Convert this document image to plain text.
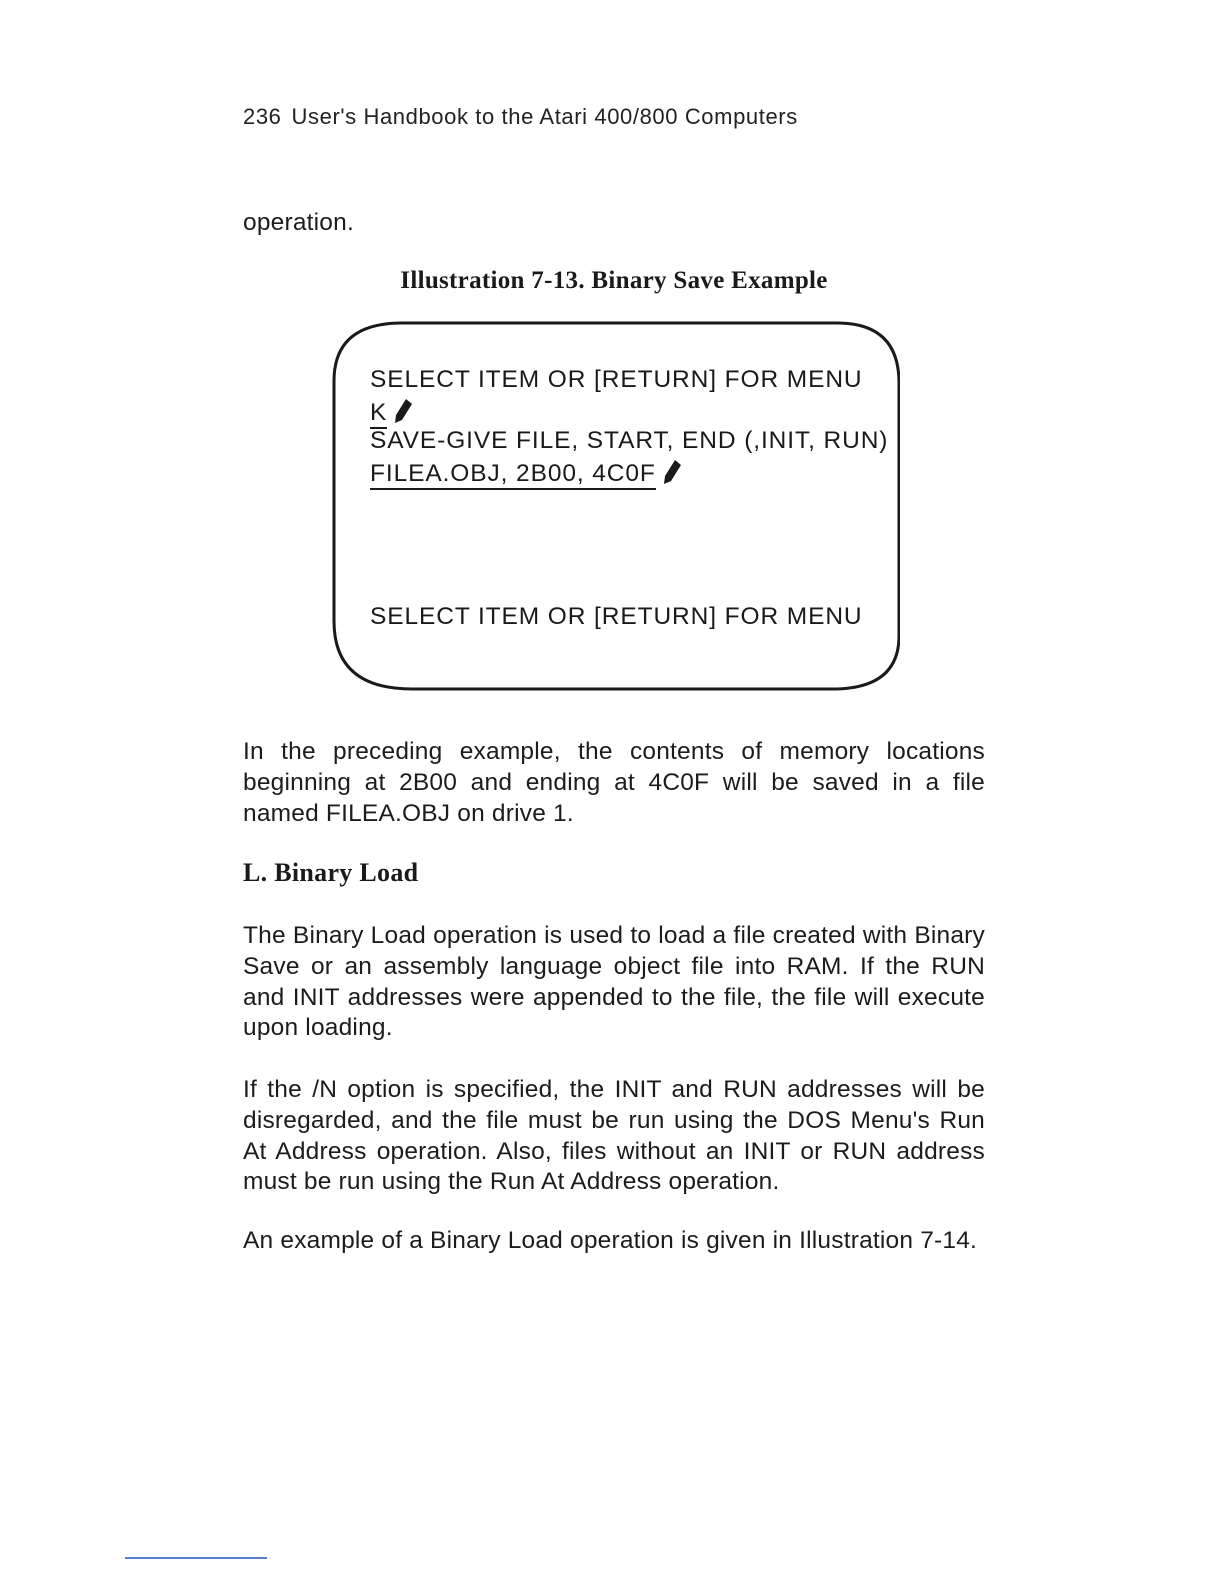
236 User's Handbook to the Atari 400/800 Computers

operation.

Illustration 7-13. Binary Save Example
SELECT ITEM OR [RETURN] FOR MENU
K
SAVE-GIVE FILE, START, END (,INIT, RUN)
FILEA.OBJ, 2B00, 4C0F
SELECT ITEM OR [RETURN] FOR MENU

In the preceding example, the contents of memory locations beginning at 2B00 and ending at 4C0F will be saved in a file named FILEA.OBJ on drive 1.

L. Binary Load

The Binary Load operation is used to load a file created with Binary Save or an assembly language object file into RAM. If the RUN and INIT addresses were appended to the file, the file will execute upon loading.

If the /N option is specified, the INIT and RUN addresses will be disregarded, and the file must be run using the DOS Menu's Run At Address operation. Also, files without an INIT or RUN address must be run using the Run At Address operation.

An example of a Binary Load operation is given in Illustration 7-14.
